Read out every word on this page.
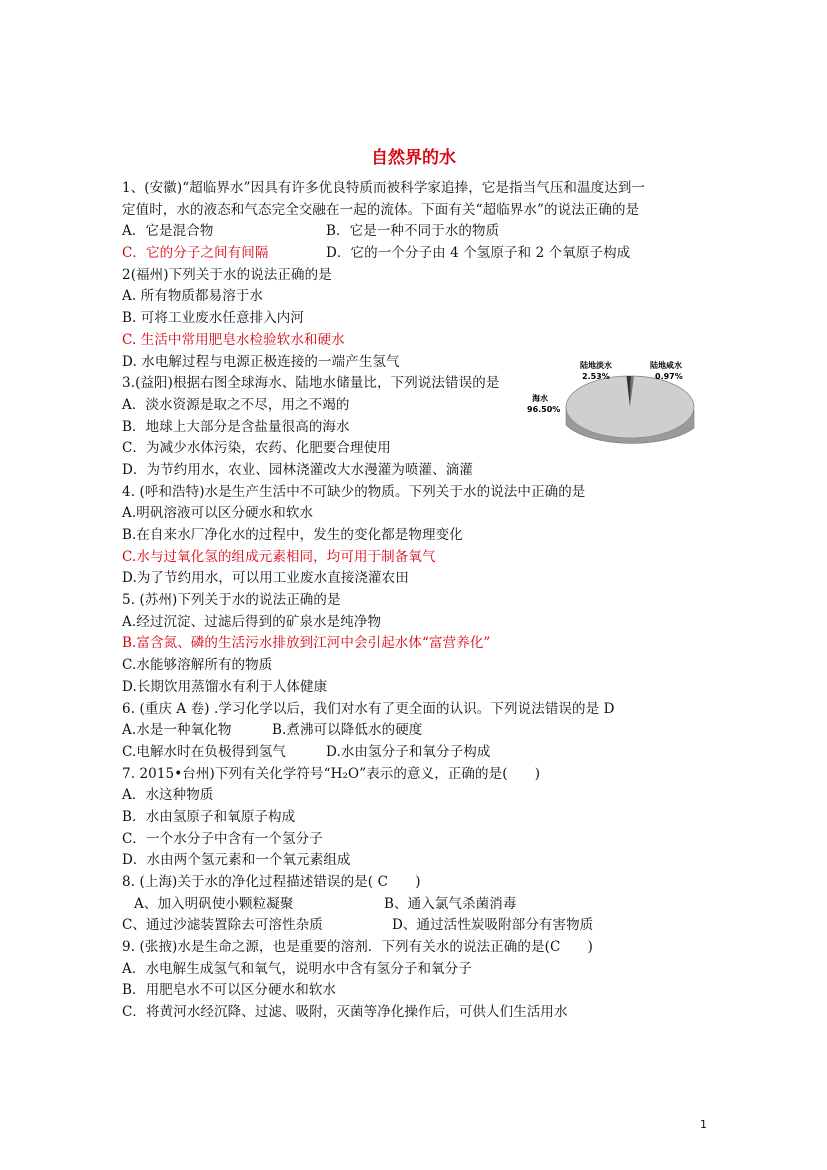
自然界的水
1、(安徽)“超临界水”因具有许多优良特质而被科学家追捧，它是指当气压和温度达到一
定值时，水的液态和气态完全交融在一起的流体。下面有关“超临界水”的说法正确的是
A．它是混合物	B．它是一种不同于水的物质
C．它的分子之间有间隔	D．它的一个分子由 4 个氢原子和 2 个氧原子构成
2(福州)下列关于水的说法正确的是
A. 所有物质都易溶于水
B. 可将工业废水任意排入内河
C. 生活中常用肥皂水检验软水和硬水
D. 水电解过程与电源正极连接的一端产生氢气
3.(益阳)根据右图全球海水、陆地水储量比，下列说法错误的是
A．淡水资源是取之不尽，用之不竭的
B．地球上大部分是含盐量很高的海水
C．为减少水体污染，农药、化肥要合理使用
D．为节约用水，农业、园林浇灌改大水漫灌为喷灌、滴灌
4. (呼和浩特)水是生产生活中不可缺少的物质。下列关于水的说法中正确的是
A.明矾溶液可以区分硬水和软水
B.在自来水厂净化水的过程中，发生的变化都是物理变化
C.水与过氧化氢的组成元素相同，均可用于制备氧气
D.为了节约用水，可以用工业废水直接浇灌农田
5. (苏州)下列关于水的说法正确的是
A.经过沉淀、过滤后得到的矿泉水是纯净物
B.富含氮、磷的生活污水排放到江河中会引起水体“富营养化”
C.水能够溶解所有的物质
D.长期饮用蒸馏水有利于人体健康
6. (重庆 A 卷) .学习化学以后，我们对水有了更全面的认识。下列说法错误的是 D
A.水是一种氧化物	B.煮沸可以降低水的硬度
C.电解水时在负极得到氢气	D.水由氢分子和氧分子构成
7. 2015•台州)下列有关化学符号“H₂O”表示的意义，正确的是(　　)
A．水这种物质
B．水由氢原子和氧原子构成
C．一个水分子中含有一个氢分子
D．水由两个氢元素和一个氧元素组成
8. (上海)关于水的净化过程描述错误的是( C　　)
A、加入明矾使小颗粒凝聚	B、通入氯气杀菌消毒
C、通过沙滤装置除去可溶性杂质	D、通过活性炭吸附部分有害物质
9. (张掖)水是生命之源，也是重要的溶剂．下列有关水的说法正确的是(C　　)
A．水电解生成氢气和氧气，说明水中含有氢分子和氧分子
B．用肥皂水不可以区分硬水和软水
C．将黄河水经沉降、过滤、吸附，灭菌等净化操作后，可供人们生活用水
陆地淡水
2.53%
陆地咸水
0.97%
海水
96.50%
1
